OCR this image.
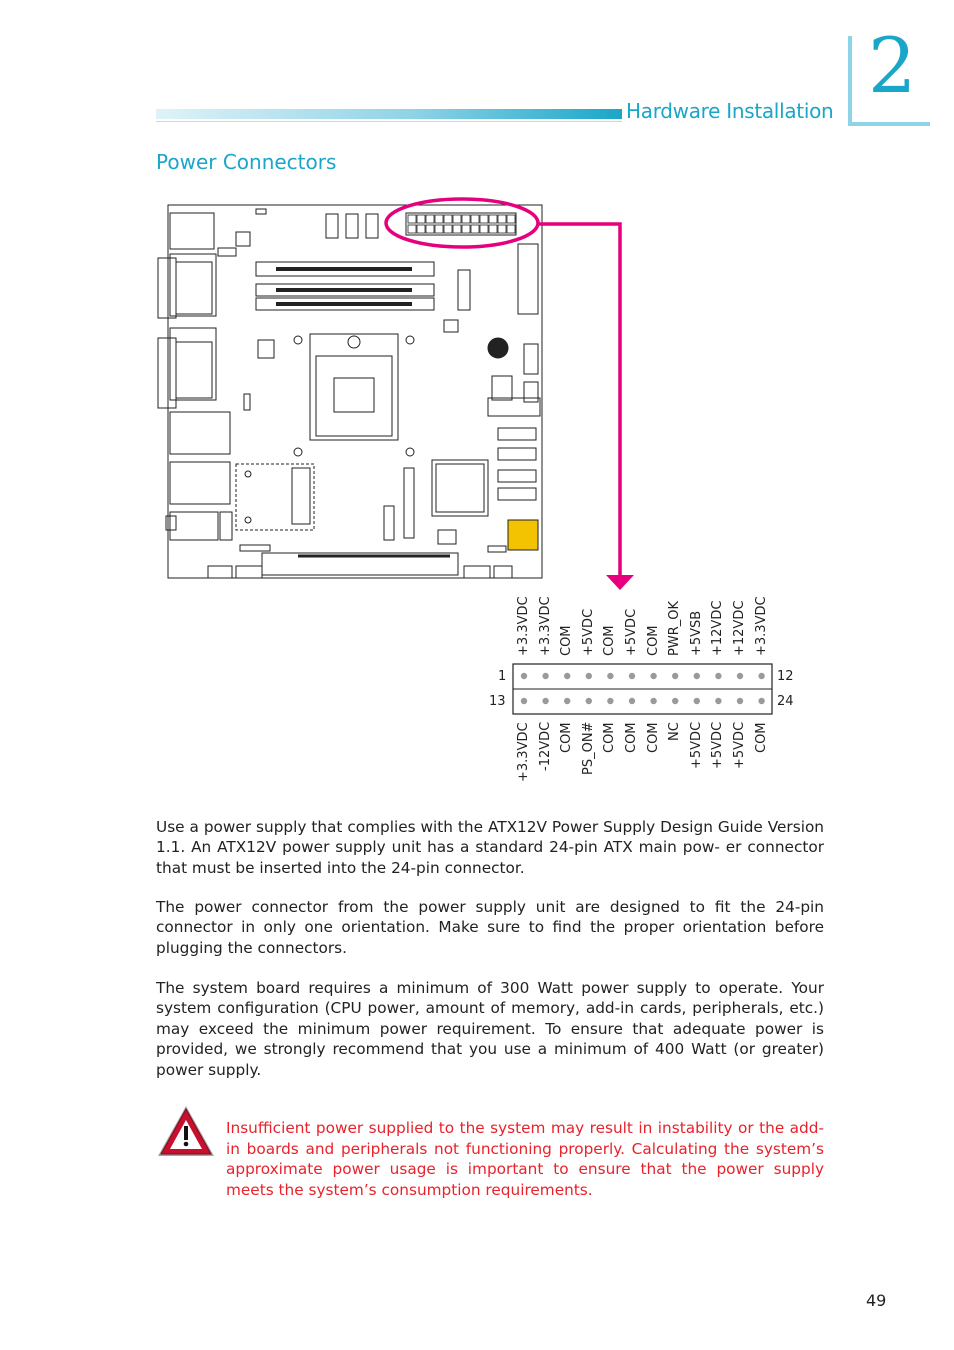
Hardware Installation
2
Power Connectors
+3.3VDC +3.3VDC COM +5VDC COM +5VDC COM PWR_OK +5VSB +12VDC +12VDC +3.3VDC
+3.3VDC -12VDC COM PS_ON# COM COM COM NC +5VDC +5VDC +5VDC COM
1
13
12
24
Use a power supply that complies with the ATX12V Power Supply Design Guide Version 1.1. An ATX12V power supply unit has a standard 24-pin ATX main pow- er connector that must be inserted into the 24-pin connector.
The power connector from the power supply unit are designed to fit the 24-pin connector in only one orientation. Make sure to find the proper orientation before plugging the connectors.
The system board requires a minimum of 300 Watt power supply to operate. Your system configuration (CPU power, amount of memory, add-in cards, peripherals, etc.) may exceed the minimum power requirement. To ensure that adequate power is provided, we strongly recommend that you use a minimum of 400 Watt (or greater) power supply.
Insufficient power supplied to the system may result in instability or the add-in boards and peripherals not functioning properly. Calculating the system’s approximate power usage is important to ensure that the power supply meets the system’s consumption requirements.
49
